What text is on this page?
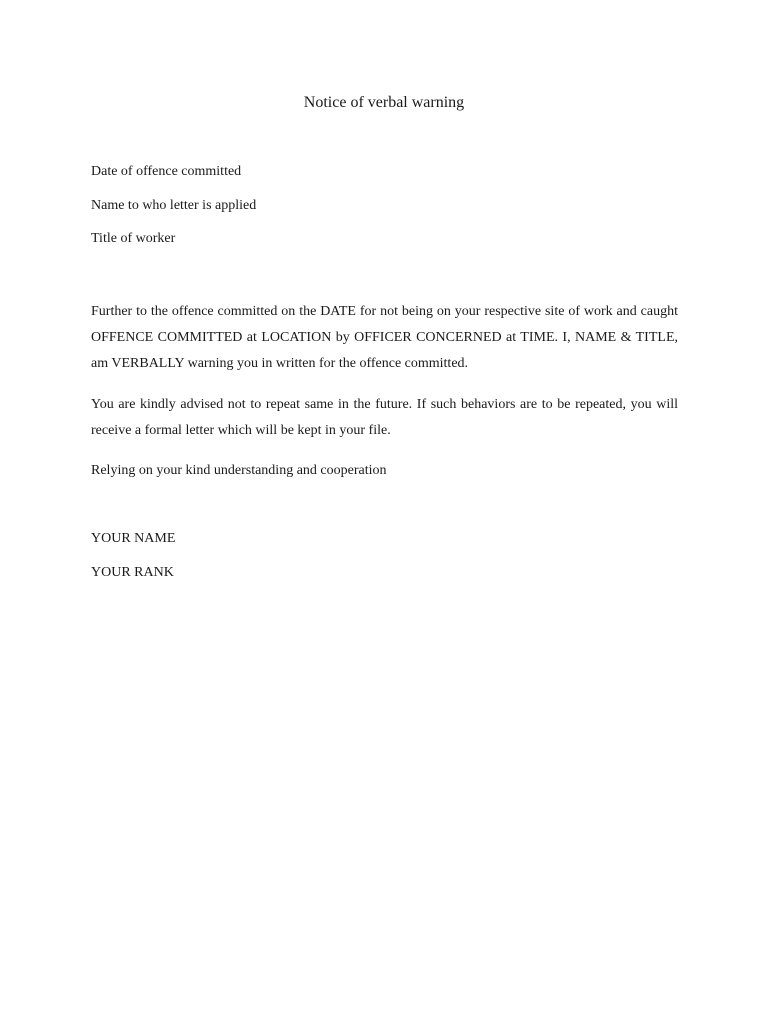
Notice of verbal warning

Date of offence committed

Name to who letter is applied

Title of worker

Further to the offence committed on the DATE for not being on your respective site of work and caught OFFENCE COMMITTED at LOCATION by OFFICER CONCERNED at TIME. I, NAME & TITLE, am VERBALLY warning you in written for the offence committed.

You are kindly advised not to repeat same in the future. If such behaviors are to be repeated, you will receive a formal letter which will be kept in your file.

Relying on your kind understanding and cooperation

YOUR NAME

YOUR RANK
